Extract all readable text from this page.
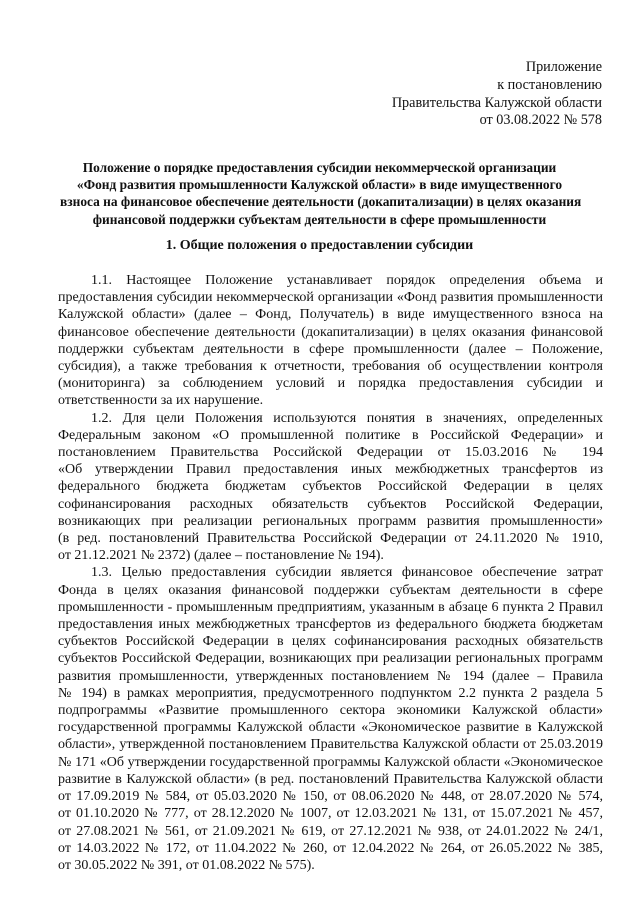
Приложение
к постановлению
Правительства Калужской области
от 03.08.2022 № 578
Положение о порядке предоставления субсидии некоммерческой организации
«Фонд развития промышленности Калужской области» в виде имущественного
взноса на финансовое обеспечение деятельности (докапитализации) в целях оказания
финансовой поддержки субъектам деятельности в сфере промышленности
1. Общие положения о предоставлении субсидии
1.1. Настоящее Положение устанавливает порядок определения объема и
предоставления субсидии некоммерческой организации «Фонд развития промышленности
Калужской области» (далее – Фонд, Получатель) в виде имущественного взноса на
финансовое обеспечение деятельности (докапитализации) в целях оказания финансовой
поддержки субъектам деятельности в сфере промышленности (далее – Положение,
субсидия), а также требования к отчетности, требования об осуществлении контроля
(мониторинга) за соблюдением условий и порядка предоставления субсидии и
ответственности за их нарушение.
1.2. Для цели Положения используются понятия в значениях, определенных
Федеральным законом «О промышленной политике в Российской Федерации» и
постановлением Правительства Российской Федерации от 15.03.2016 № 194
«Об утверждении Правил предоставления иных межбюджетных трансфертов из
федерального бюджета бюджетам субъектов Российской Федерации в целях
софинансирования расходных обязательств субъектов Российской Федерации,
возникающих при реализации региональных программ развития промышленности»
(в ред. постановлений Правительства Российской Федерации от 24.11.2020 № 1910,
от 21.12.2021 № 2372) (далее – постановление № 194).
1.3. Целью предоставления субсидии является финансовое обеспечение затрат
Фонда в целях оказания финансовой поддержки субъектам деятельности в сфере
промышленности - промышленным предприятиям, указанным в абзаце 6 пункта 2 Правил
предоставления иных межбюджетных трансфертов из федерального бюджета бюджетам
субъектов Российской Федерации в целях софинансирования расходных обязательств
субъектов Российской Федерации, возникающих при реализации региональных программ
развития промышленности, утвержденных постановлением № 194 (далее – Правила
№ 194) в рамках мероприятия, предусмотренного подпунктом 2.2 пункта 2 раздела 5
подпрограммы «Развитие промышленного сектора экономики Калужской области»
государственной программы Калужской области «Экономическое развитие в Калужской
области», утвержденной постановлением Правительства Калужской области от 25.03.2019
№ 171 «Об утверждении государственной программы Калужской области «Экономическое
развитие в Калужской области» (в ред. постановлений Правительства Калужской области
от 17.09.2019 № 584, от 05.03.2020 № 150, от 08.06.2020 № 448, от 28.07.2020 № 574,
от 01.10.2020 № 777, от 28.12.2020 № 1007, от 12.03.2021 № 131, от 15.07.2021 № 457,
от 27.08.2021 № 561, от 21.09.2021 № 619, от 27.12.2021 № 938, от 24.01.2022 № 24/1,
от 14.03.2022 № 172, от 11.04.2022 № 260, от 12.04.2022 № 264, от 26.05.2022 № 385,
от 30.05.2022 № 391, от 01.08.2022 № 575).
